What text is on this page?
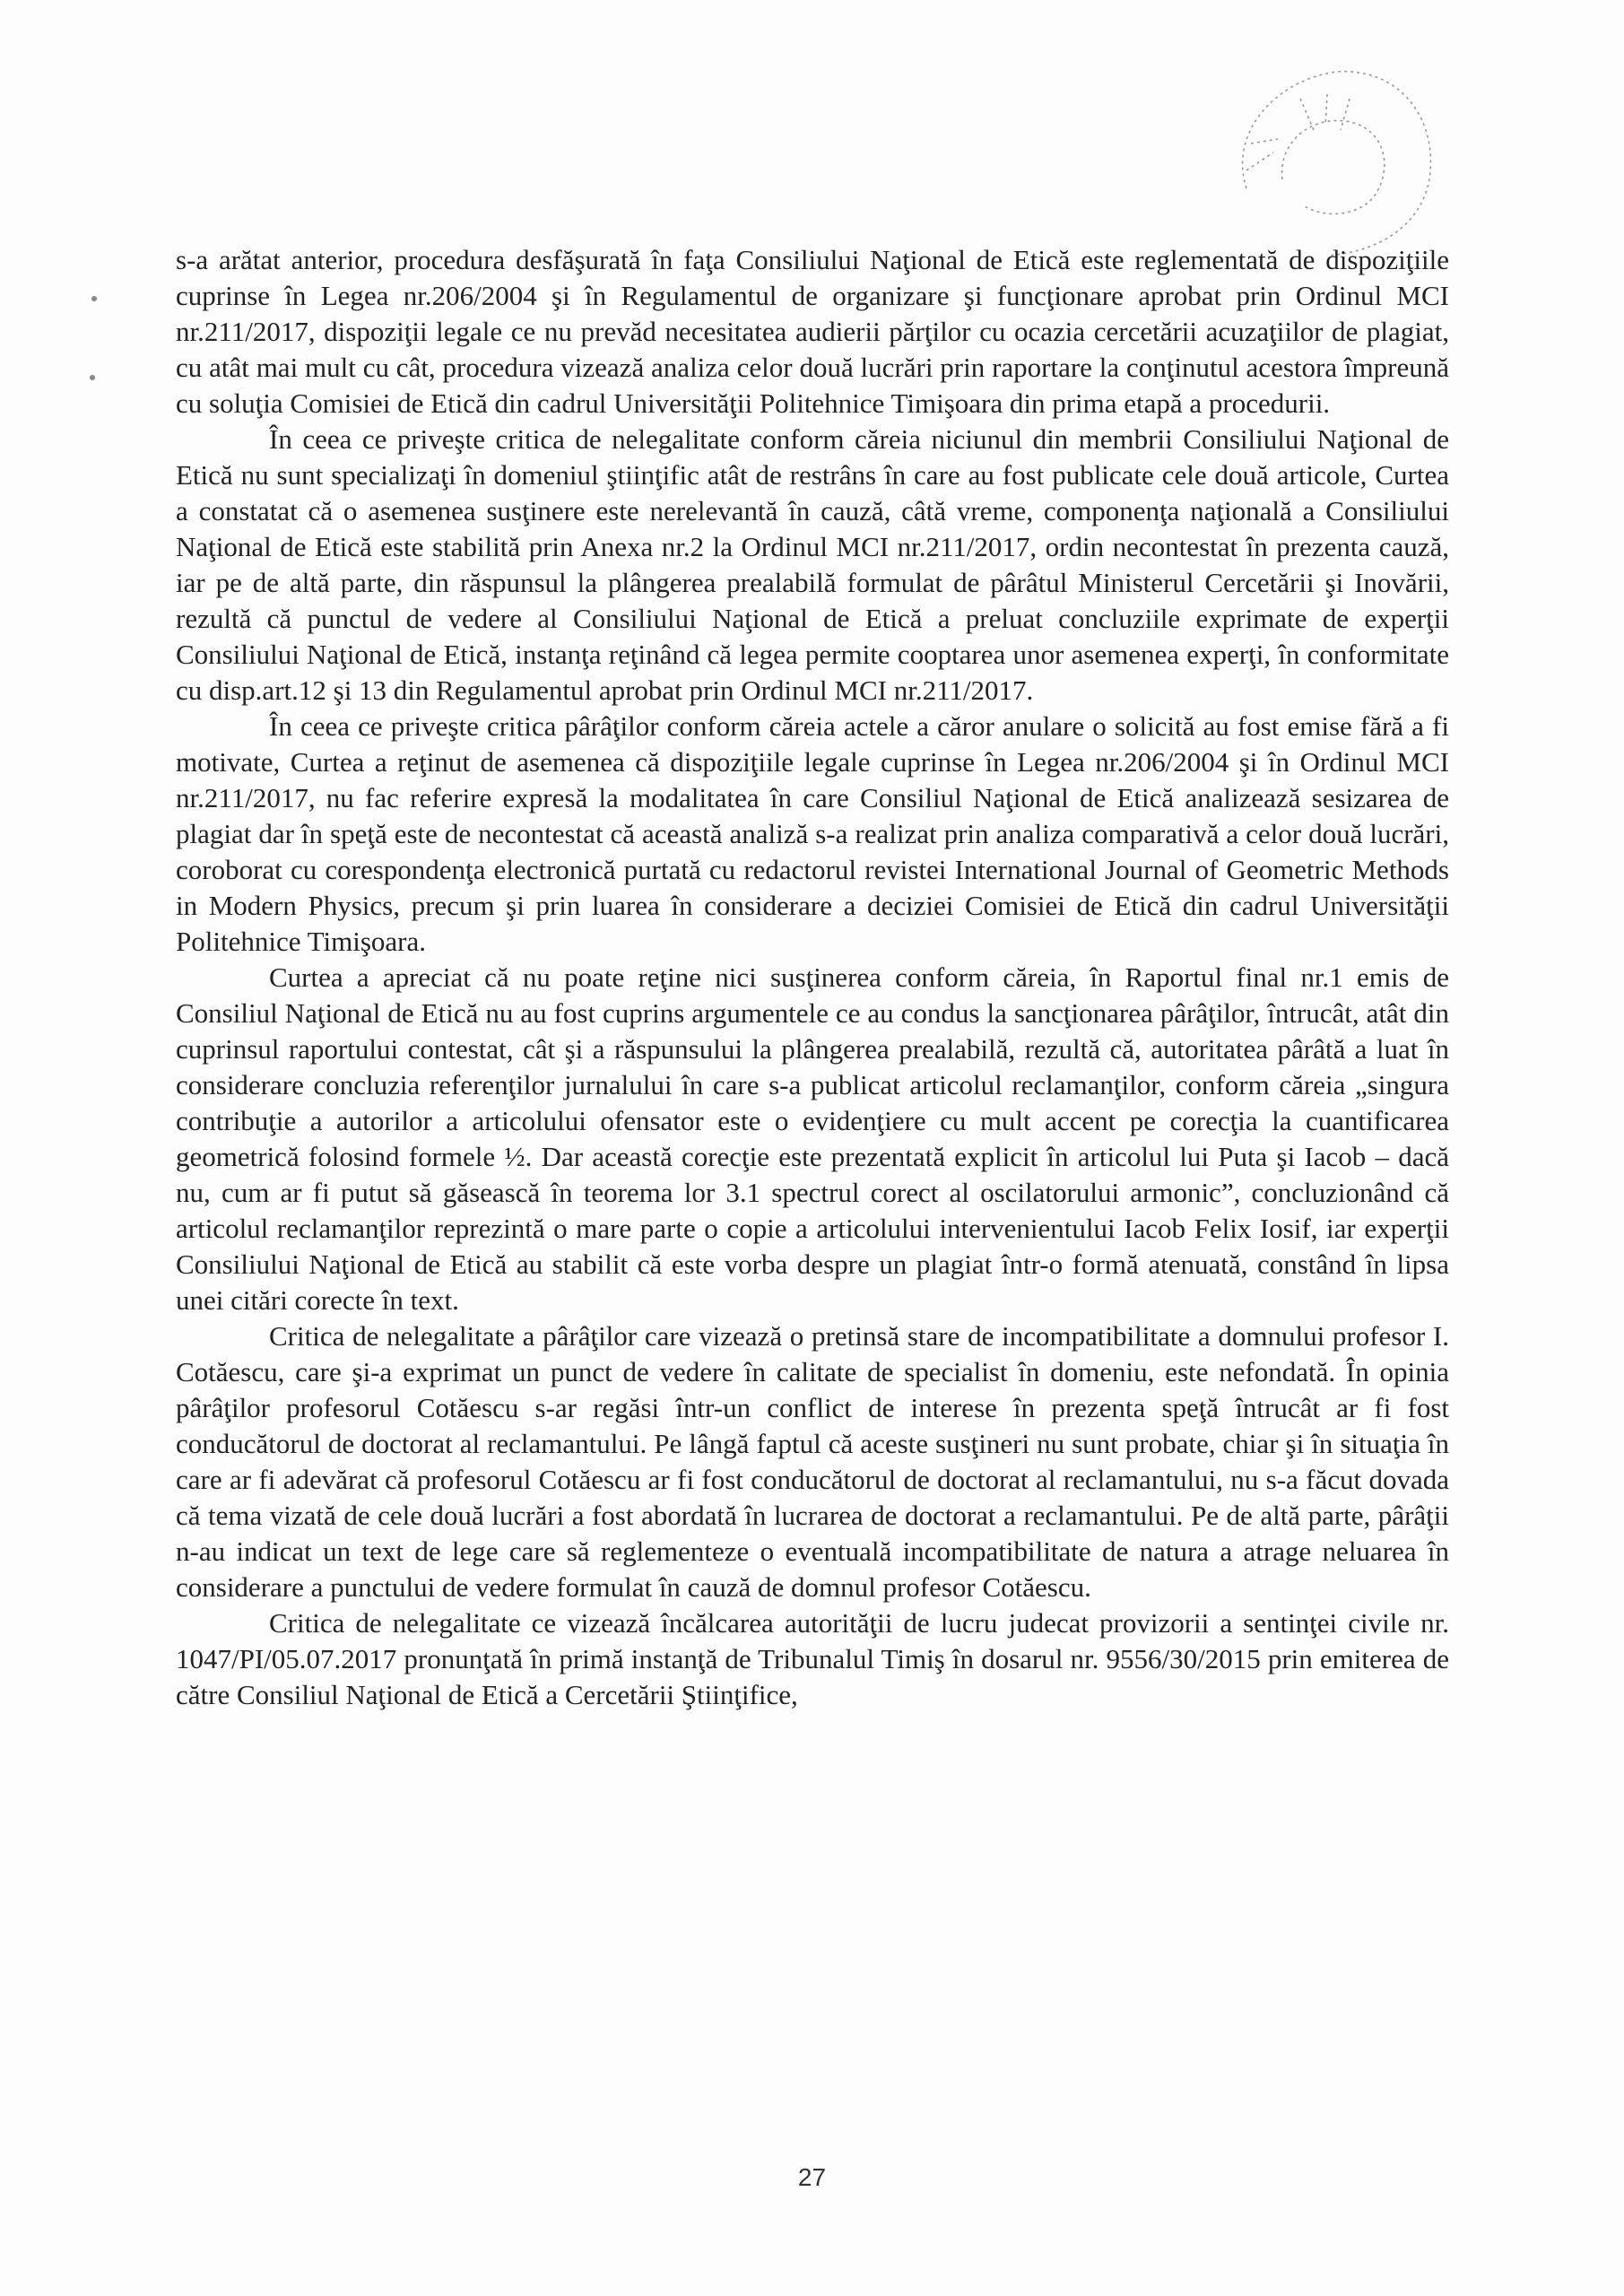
s-a arătat anterior, procedura desfăşurată în faţa Consiliului Naţional de Etică este reglementată de dispoziţiile cuprinse în Legea nr.206/2004 şi în Regulamentul de organizare şi funcţionare aprobat prin Ordinul MCI nr.211/2017, dispoziţii legale ce nu prevăd necesitatea audierii părţilor cu ocazia cercetării acuzaţiilor de plagiat, cu atât mai mult cu cât, procedura vizează analiza celor două lucrări prin raportare la conţinutul acestora împreună cu soluţia Comisiei de Etică din cadrul Universităţii Politehnice Timişoara din prima etapă a procedurii.

În ceea ce priveşte critica de nelegalitate conform căreia niciunul din membrii Consiliului Naţional de Etică nu sunt specializaţi în domeniul ştiinţific atât de restrâns în care au fost publicate cele două articole, Curtea a constatat că o asemenea susţinere este nerelevantă în cauză, câtă vreme, componenţa naţională a Consiliului Naţional de Etică este stabilită prin Anexa nr.2 la Ordinul MCI nr.211/2017, ordin necontestat în prezenta cauză, iar pe de altă parte, din răspunsul la plângerea prealabilă formulat de pârâtul Ministerul Cercetării şi Inovării, rezultă că punctul de vedere al Consiliului Naţional de Etică a preluat concluziile exprimate de experţii Consiliului Naţional de Etică, instanţa reţinând că legea permite cooptarea unor asemenea experţi, în conformitate cu disp.art.12 şi 13 din Regulamentul aprobat prin Ordinul MCI nr.211/2017.

În ceea ce priveşte critica pârâţilor conform căreia actele a căror anulare o solicită au fost emise fără a fi motivate, Curtea a reţinut de asemenea că dispoziţiile legale cuprinse în Legea nr.206/2004 şi în Ordinul MCI nr.211/2017, nu fac referire expresă la modalitatea în care Consiliul Naţional de Etică analizează sesizarea de plagiat dar în speţă este de necontestat că această analiză s-a realizat prin analiza comparativă a celor două lucrări, coroborat cu corespondenţa electronică purtată cu redactorul revistei International Journal of Geometric Methods in Modern Physics, precum şi prin luarea în considerare a deciziei Comisiei de Etică din cadrul Universităţii Politehnice Timişoara.

Curtea a apreciat că nu poate reţine nici susţinerea conform căreia, în Raportul final nr.1 emis de Consiliul Naţional de Etică nu au fost cuprins argumentele ce au condus la sancţionarea pârâţilor, întrucât, atât din cuprinsul raportului contestat, cât şi a răspunsului la plângerea prealabilă, rezultă că, autoritatea pârâtă a luat în considerare concluzia referenţilor jurnalului în care s-a publicat articolul reclamanţilor, conform căreia „singura contribuţie a autorilor a articolului ofensator este o evidenţiere cu mult accent pe corecţia la cuantificarea geometrică folosind formele ½. Dar această corecţie este prezentată explicit în articolul lui Puta şi Iacob – dacă nu, cum ar fi putut să găsească în teorema lor 3.1 spectrul corect al oscilatorului armonic”, concluzionând că articolul reclamanţilor reprezintă o mare parte o copie a articolului intervenientului Iacob Felix Iosif, iar experţii Consiliului Naţional de Etică au stabilit că este vorba despre un plagiat într-o formă atenuată, constând în lipsa unei citări corecte în text.

Critica de nelegalitate a pârâţilor care vizează o pretinsă stare de incompatibilitate a domnului profesor I. Cotăescu, care şi-a exprimat un punct de vedere în calitate de specialist în domeniu, este nefondată. În opinia pârâţilor profesorul Cotăescu s-ar regăsi într-un conflict de interese în prezenta speţă întrucât ar fi fost conducătorul de doctorat al reclamantului. Pe lângă faptul că aceste susţineri nu sunt probate, chiar şi în situaţia în care ar fi adevărat că profesorul Cotăescu ar fi fost conducătorul de doctorat al reclamantului, nu s-a făcut dovada că tema vizată de cele două lucrări a fost abordată în lucrarea de doctorat a reclamantului. Pe de altă parte, pârâţii n-au indicat un text de lege care să reglementeze o eventuală incompatibilitate de natura a atrage neluarea în considerare a punctului de vedere formulat în cauză de domnul profesor Cotăescu.

Critica de nelegalitate ce vizează încălcarea autorităţii de lucru judecat provizorii a sentinţei civile nr. 1047/PI/05.07.2017 pronunţată în primă instanţă de Tribunalul Timiş în dosarul nr. 9556/30/2015 prin emiterea de către Consiliul Naţional de Etică a Cercetării Ştiinţifice,

27
